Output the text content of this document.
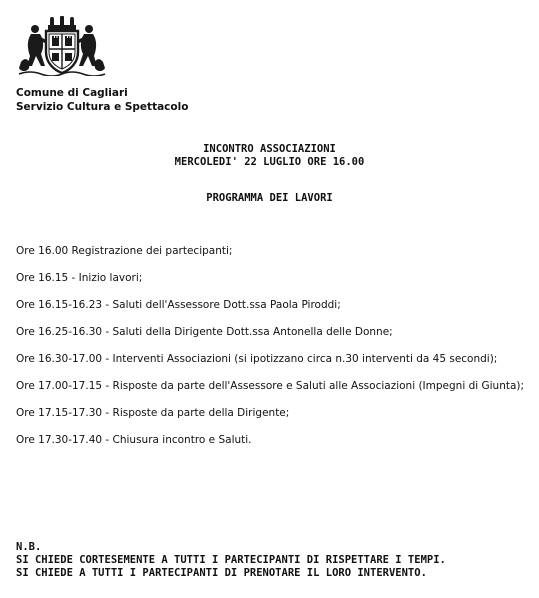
Comune di Cagliari
Servizio Cultura e Spettacolo
INCONTRO ASSOCIAZIONI
MERCOLEDI' 22 LUGLIO ORE 16.00
PROGRAMMA DEI LAVORI
Ore 16.00 Registrazione dei partecipanti;
Ore 16.15 - Inizio lavori;
Ore 16.15-16.23 - Saluti dell'Assessore Dott.ssa Paola Piroddi;
Ore 16.25-16.30 - Saluti della Dirigente Dott.ssa Antonella delle Donne;
Ore 16.30-17.00 - Interventi Associazioni (si ipotizzano circa n.30 interventi da 45 secondi);
Ore 17.00-17.15 - Risposte da parte dell'Assessore e Saluti alle Associazioni (Impegni di Giunta);
Ore 17.15-17.30 - Risposte da parte della Dirigente;
Ore 17.30-17.40 - Chiusura incontro e Saluti.
N.B.
SI CHIEDE CORTESEMENTE A TUTTI I PARTECIPANTI DI RISPETTARE I TEMPI.
SI CHIEDE A TUTTI I PARTECIPANTI DI PRENOTARE IL LORO INTERVENTO.
